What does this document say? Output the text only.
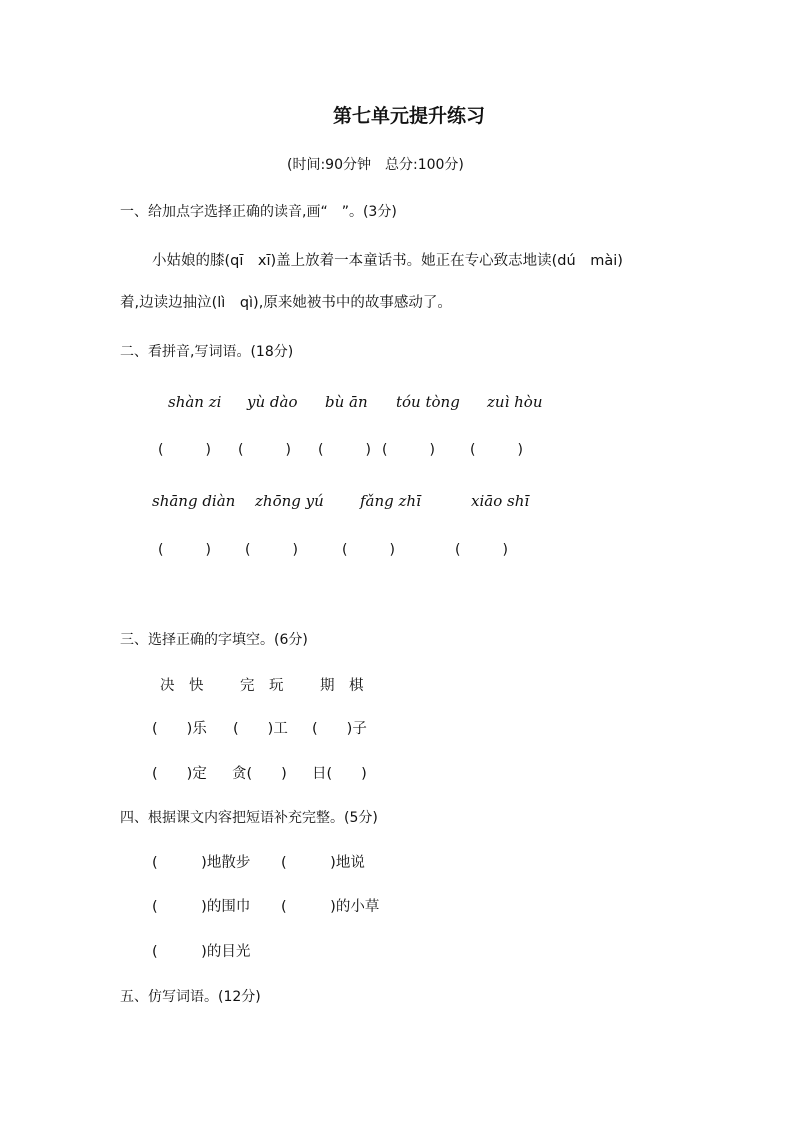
第七单元提升练习
(时间:90分钟　总分:100分)
一、给加点字选择正确的读音,画“　”。(3分)
小姑娘的膝(qī　xī)盖上放着一本童话书。她正在专心致志地读(dú　mài)
着,边读边抽泣(lì　qì),原来她被书中的故事感动了。
二、看拼音,写词语。(18分)
shàn zi yù dào bù ān tóu tòng zuì hòu
(　　　) (　　　) (　　　) (　　　)	(　　　)
shāng diàn zhōng yú fǎng zhī	xiāo shī
(　　　) (　　　)	(　　　)	(　　　)
三、选择正确的字填空。(6分)
决　快	完　玩	期　棋
(　　)乐 (　　)工 (　　)子
(　　)定 贪(　　) 日(　　)
四、根据课文内容把短语补充完整。(5分)
(　　　)地散步 (　　　)地说
(　　　)的围巾 (　　　)的小草
(　　　)的目光
五、仿写词语。(12分)
